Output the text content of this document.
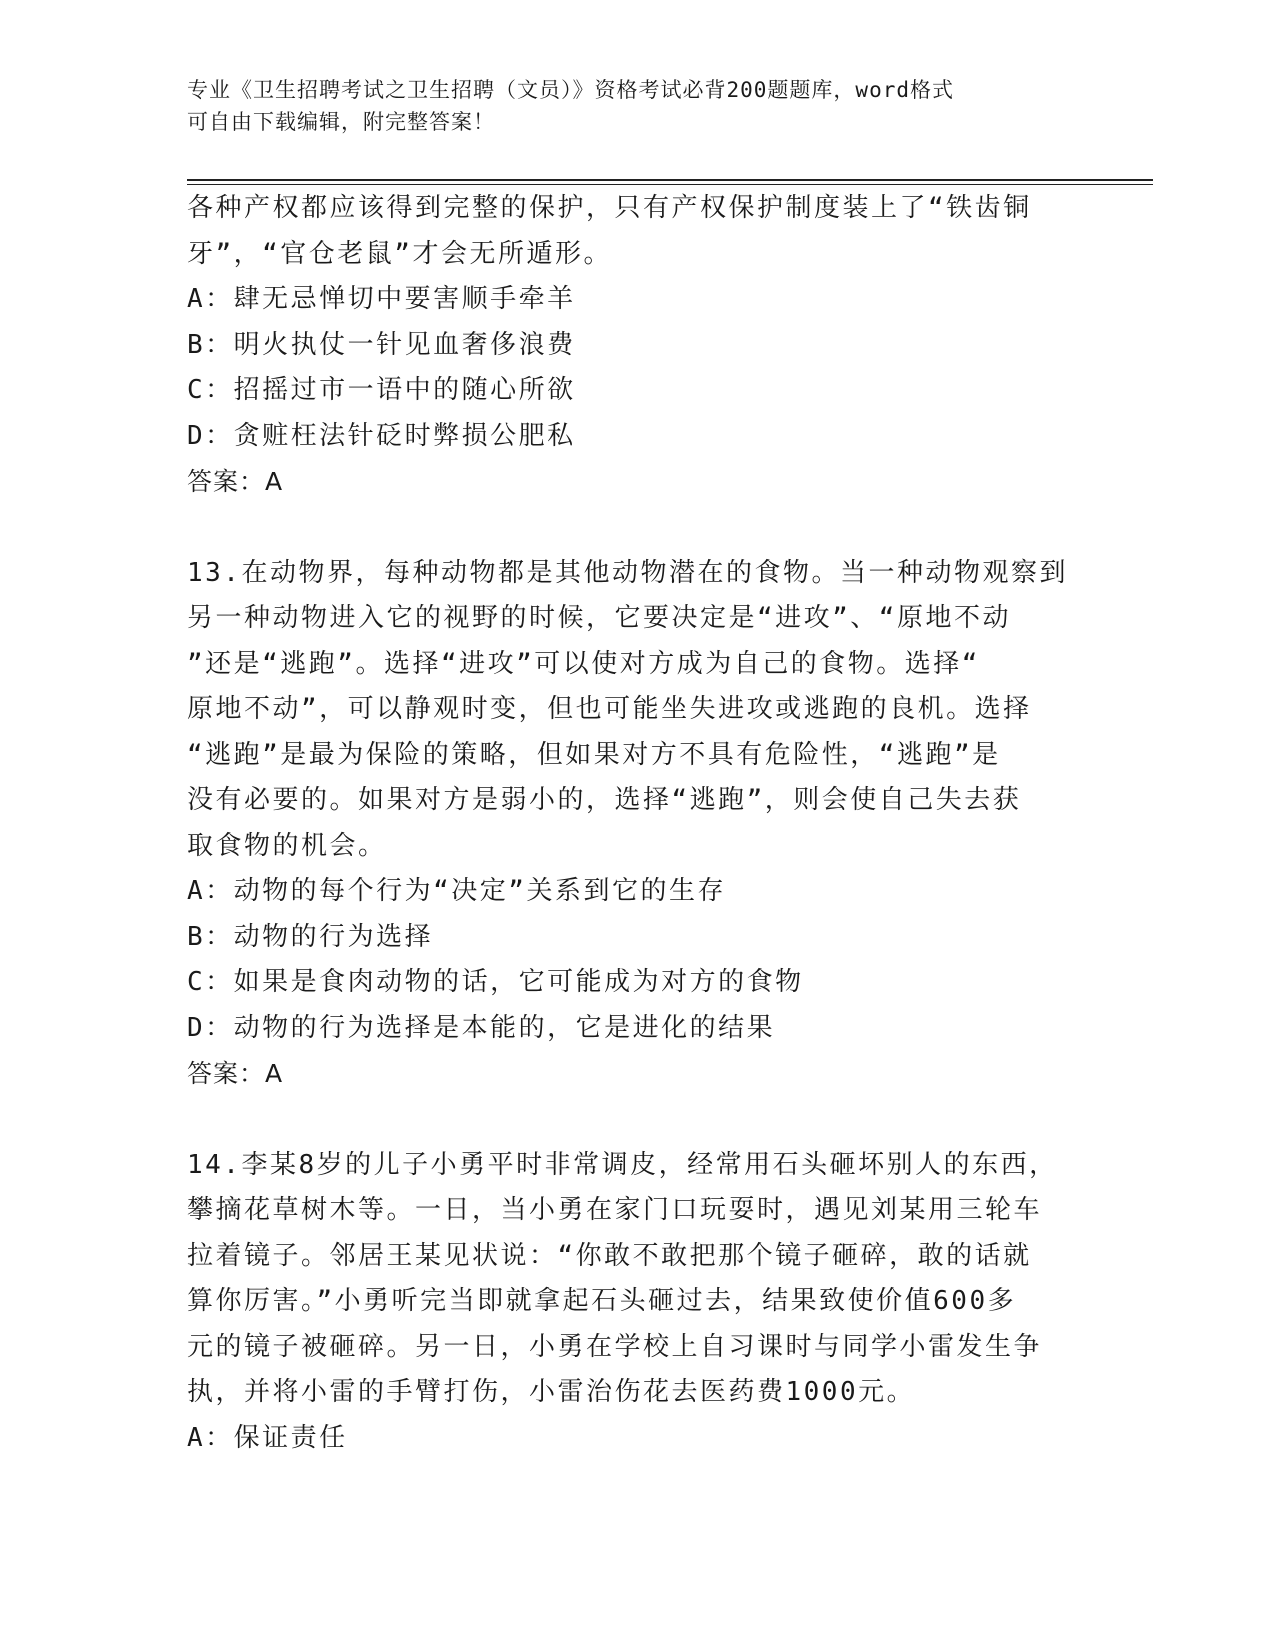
专业《卫生招聘考试之卫生招聘（文员）》资格考试必背200题题库，word格式
可自由下载编辑，附完整答案！
各种产权都应该得到完整的保护，只有产权保护制度装上了“铁齿铜
牙”，“官仓老鼠”才会无所遁形。
A：肆无忌惮切中要害顺手牵羊
B：明火执仗一针见血奢侈浪费
C：招摇过市一语中的随心所欲
D：贪赃枉法针砭时弊损公肥私
答案：A
13.在动物界，每种动物都是其他动物潜在的食物。当一种动物观察到
另一种动物进入它的视野的时候，它要决定是“进攻”、“原地不动
”还是“逃跑”。选择“进攻”可以使对方成为自己的食物。选择“
原地不动”，可以静观时变，但也可能坐失进攻或逃跑的良机。选择
“逃跑”是最为保险的策略，但如果对方不具有危险性，“逃跑”是
没有必要的。如果对方是弱小的，选择“逃跑”，则会使自己失去获
取食物的机会。
A：动物的每个行为“决定”关系到它的生存
B：动物的行为选择
C：如果是食肉动物的话，它可能成为对方的食物
D：动物的行为选择是本能的，它是进化的结果
答案：A
14.李某8岁的儿子小勇平时非常调皮，经常用石头砸坏别人的东西，
攀摘花草树木等。一日，当小勇在家门口玩耍时，遇见刘某用三轮车
拉着镜子。邻居王某见状说：“你敢不敢把那个镜子砸碎，敢的话就
算你厉害。”小勇听完当即就拿起石头砸过去，结果致使价值600多
元的镜子被砸碎。另一日，小勇在学校上自习课时与同学小雷发生争
执，并将小雷的手臂打伤，小雷治伤花去医药费1000元。
A：保证责任
